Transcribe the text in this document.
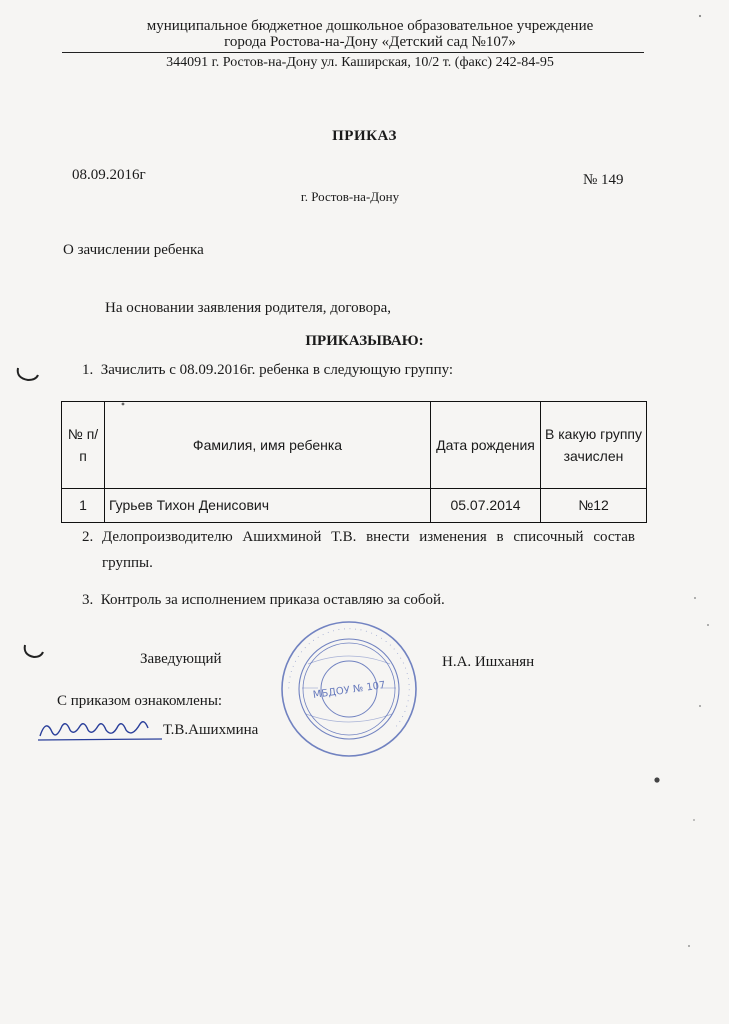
муниципальное бюджетное дошкольное образовательное учреждение
города Ростова-на-Дону «Детский сад №107»
344091 г. Ростов-на-Дону ул. Каширская, 10/2 т. (факс) 242-84-95
ПРИКАЗ
08.09.2016г	№ 149
г. Ростов-на-Дону
О зачислении ребенка
На основании заявления родителя, договора,
ПРИКАЗЫВАЮ:
1. Зачислить с 08.09.2016г. ребенка в следующую группу:
№ п/п	Фамилия, имя ребенка	Дата рождения	В какую группу зачислен
1	Гурьев Тихон Денисович	05.07.2014	№12
2. Делопроизводителю Ашихминой Т.В. внести изменения в списочный состав группы.
3. Контроль за исполнением приказа оставляю за собой.
· · · · · · · · · · · · · · · · · · · · · · · · · · · · · · · · · · · · · · · · · ·
МБДОУ № 107
Заведующий	Н.А. Ишханян
С приказом ознакомлены:
Т.В.Ашихмина
